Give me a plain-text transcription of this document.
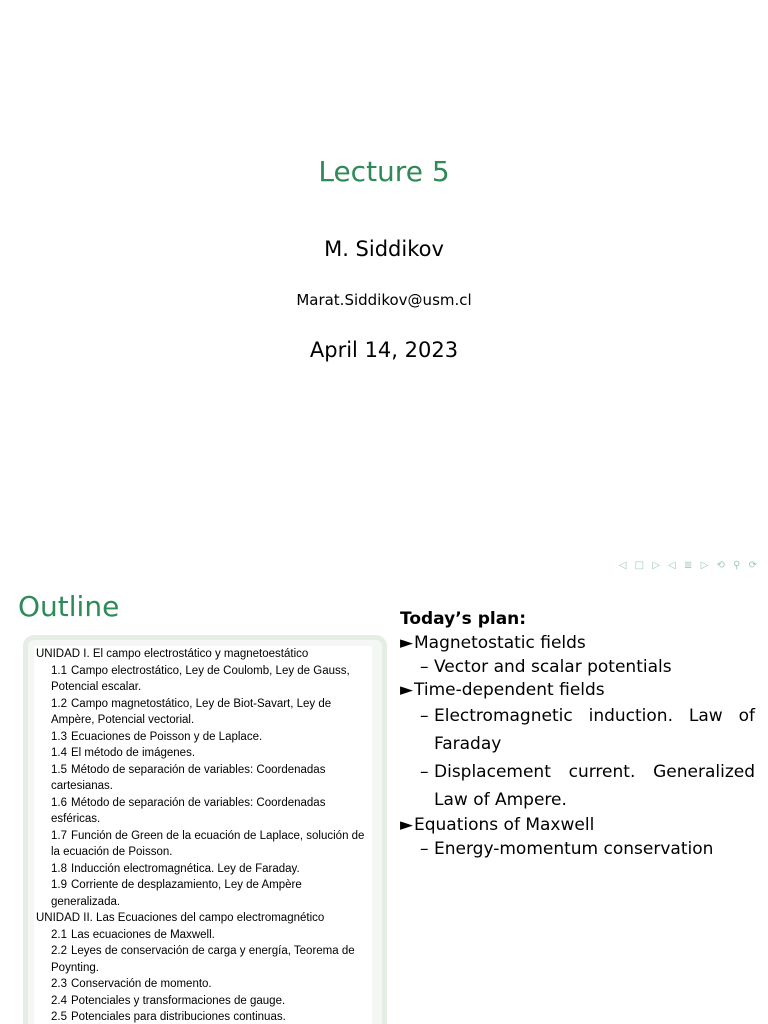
Lecture 5
M. Siddikov
Marat.Siddikov@usm.cl
April 14, 2023
◁ □ ▷ ◁ ≣ ▷ ⟲ ⚲ ⟳
Outline
UNIDAD I. El campo electrostático y magnetoestático
1.1 Campo electrostático, Ley de Coulomb, Ley de Gauss, Potencial escalar.
1.2 Campo magnetostático, Ley de Biot-Savart, Ley de Ampère, Potencial vectorial.
1.3 Ecuaciones de Poisson y de Laplace.
1.4 El método de imágenes.
1.5 Método de separación de variables: Coordenadas cartesianas.
1.6 Método de separación de variables: Coordenadas esféricas.
1.7 Función de Green de la ecuación de Laplace, solución de la ecuación de Poisson.
1.8 Inducción electromagnética. Ley de Faraday.
1.9 Corriente de desplazamiento, Ley de Ampère generalizada.
UNIDAD II. Las Ecuaciones del campo electromagnético
2.1 Las ecuaciones de Maxwell.
2.2 Leyes de conservación de carga y energía, Teorema de Poynting.
2.3 Conservación de momento.
2.4 Potenciales y transformaciones de gauge.
2.5 Potenciales para distribuciones continuas.
Today’s plan:
► Magnetostatic fields
– Vector and scalar potentials
► Time-dependent fields
– Electromagnetic induction. Law of Faraday
– Displacement current. Generalized Law of Ampere.
► Equations of Maxwell
– Energy-momentum conservation
